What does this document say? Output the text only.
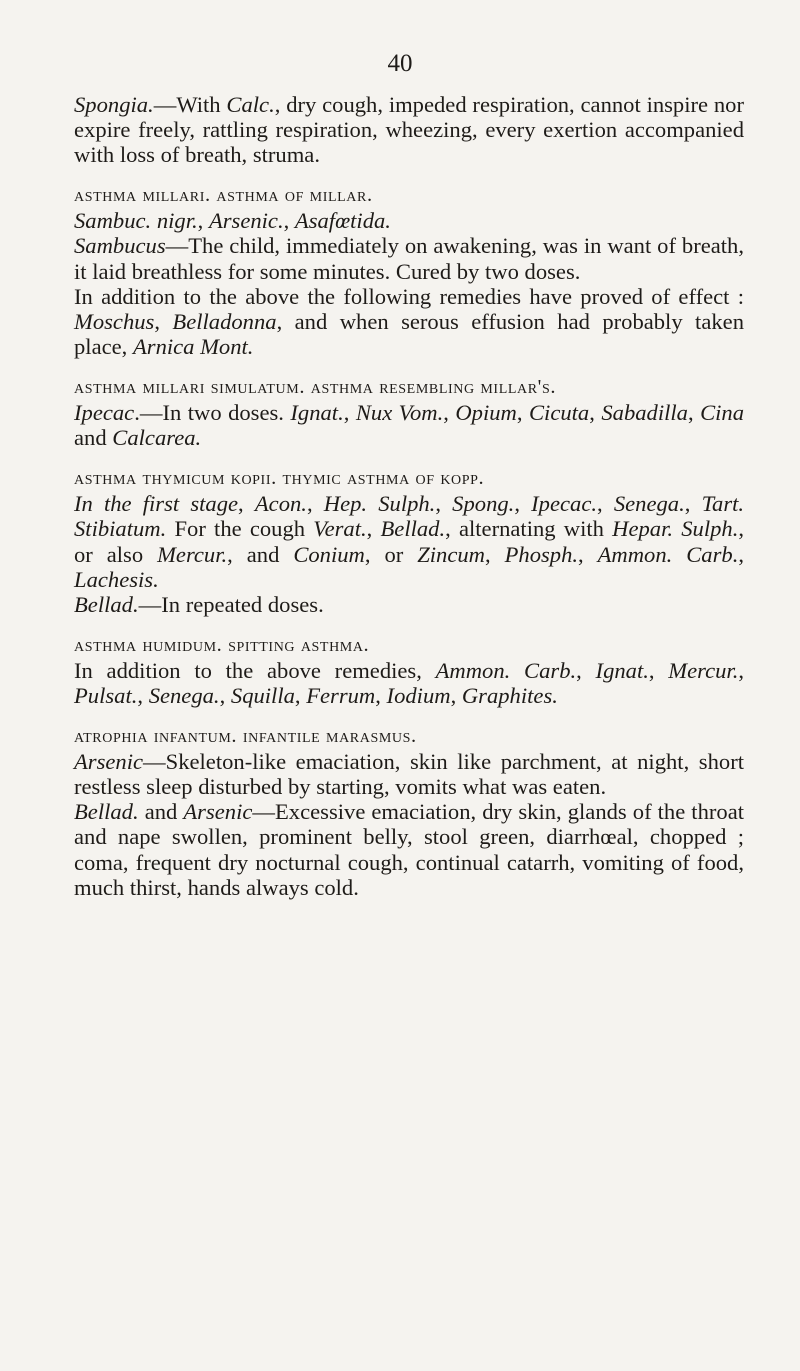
40

Spongia.—With Calc., dry cough, impeded respiration, cannot inspire nor expire freely, rattling respiration, wheezing, every exertion accompanied with loss of breath, struma.

asthma millari. asthma of millar.

Sambuc. nigr., Arsenic., Asafœtida.

Sambucus—The child, immediately on awakening, was in want of breath, it laid breathless for some minutes. Cured by two doses.

In addition to the above the following remedies have proved of effect : Moschus, Belladonna, and when serous effusion had probably taken place, Arnica Mont.

asthma millari simulatum. asthma resembling millar's.

Ipecac.—In two doses. Ignat., Nux Vom., Opium, Cicuta, Sabadilla, Cina and Calcarea.

asthma thymicum kopii. thymic asthma of kopp.

In the first stage, Acon., Hep. Sulph., Spong., Ipecac., Senega., Tart. Stibiatum. For the cough Verat., Bellad., alternating with Hepar. Sulph., or also Mercur., and Conium, or Zincum, Phosph., Ammon. Carb., Lachesis.

Bellad.—In repeated doses.

asthma humidum. spitting asthma.

In addition to the above remedies, Ammon. Carb., Ignat., Mercur., Pulsat., Senega., Squilla, Ferrum, Iodium, Graphites.

atrophia infantum. infantile marasmus.

Arsenic—Skeleton-like emaciation, skin like parchment, at night, short restless sleep disturbed by starting, vomits what was eaten.

Bellad. and Arsenic—Excessive emaciation, dry skin, glands of the throat and nape swollen, prominent belly, stool green, diarrhœal, chopped ; coma, frequent dry nocturnal cough, continual catarrh, vomiting of food, much thirst, hands always cold.
